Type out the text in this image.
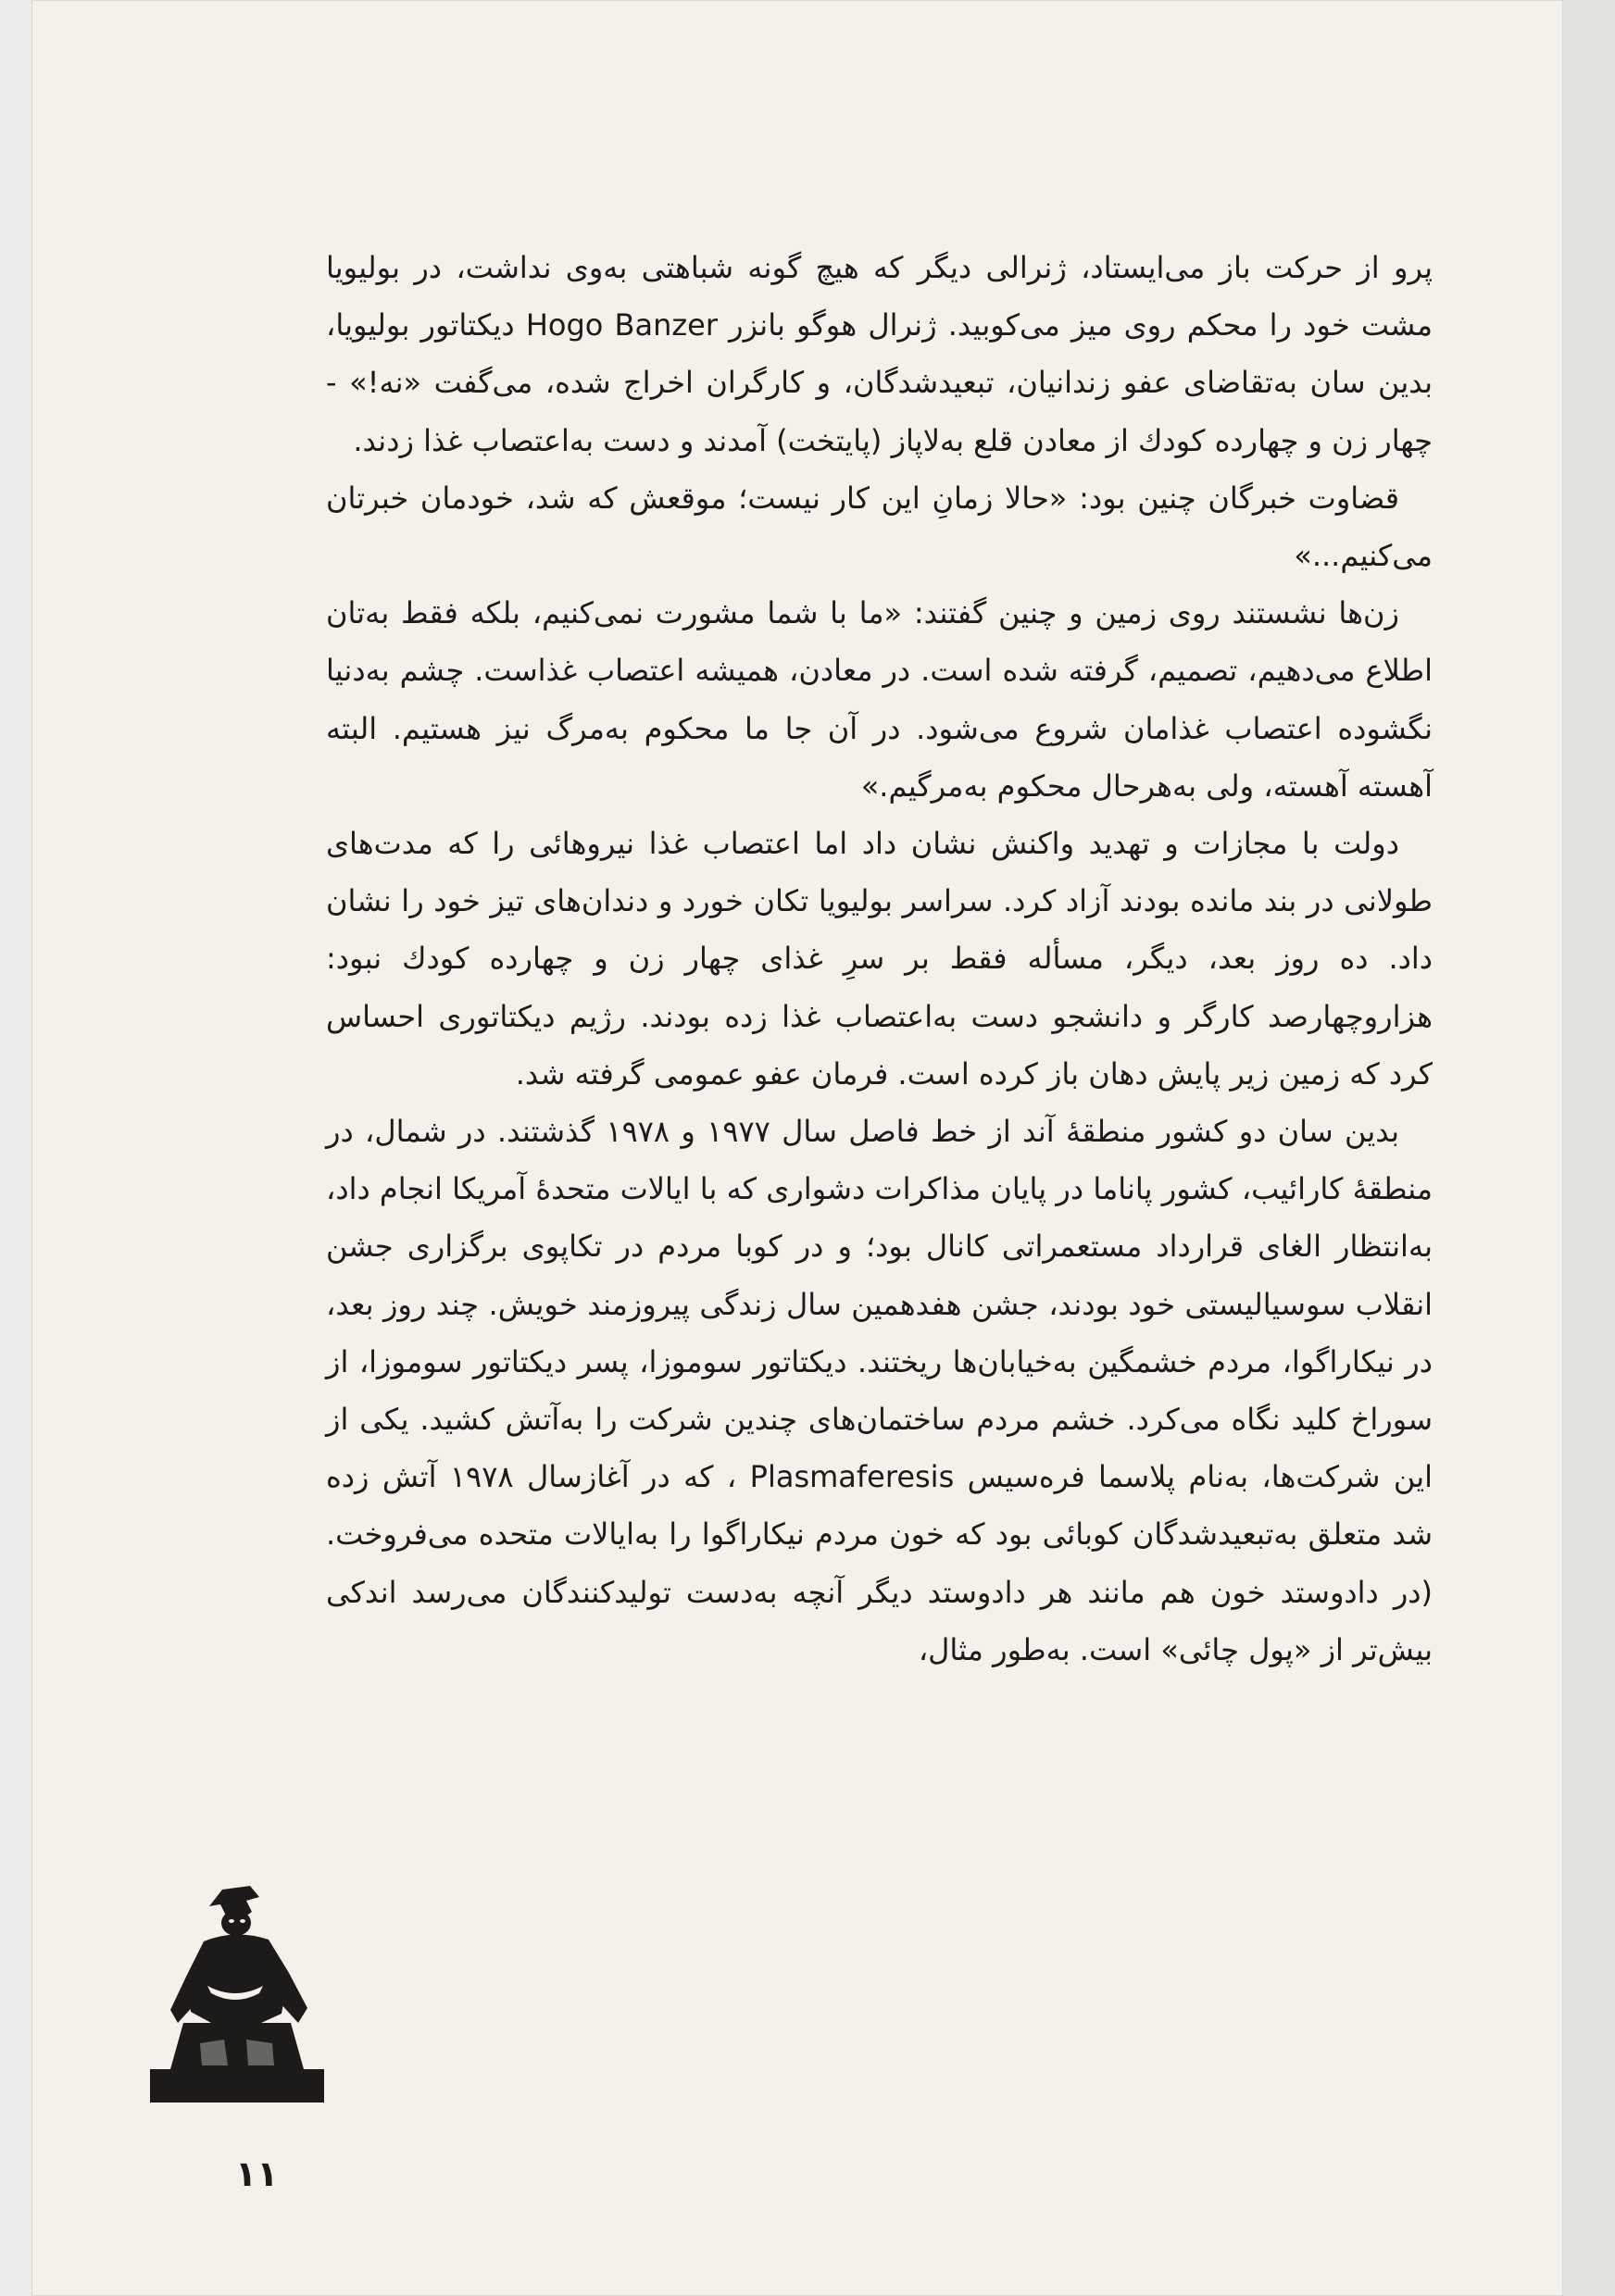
پرو از حرکت باز می‌ایستاد، ژنرالی دیگر که هیچ گونه شباهتی به‌وی نداشت، در بولیویا مشت خود را محکم روی میز می‌کوبید. ژنرال هوگو بانزر Hogo Banzer دیکتاتور بولیویا، بدین سان به‌تقاضای عفو زندانیان، تبعیدشدگان، و کارگران اخراج شده، می‌گفت «نه!» - چهار زن و چهارده کودك از معادن قلع به‌لاپاز (پایتخت) آمدند و دست به‌اعتصاب غذا زدند.

قضاوت خبرگان چنین بود: «حالا زمانِ این کار نیست؛ موقعش که شد، خودمان خبرتان می‌کنیم...»

زن‌ها نشستند روی زمین و چنین گفتند: «ما با شما مشورت نمی‌کنیم، بلکه فقط به‌تان اطلاع می‌دهیم، تصمیم، گرفته شده است. در معادن، همیشه اعتصاب غذاست. چشم به‌دنیا نگشوده اعتصاب غذامان شروع می‌شود. در آن جا ما محکوم به‌مرگ نیز هستیم. البته آهسته آهسته، ولی به‌هرحال محکوم به‌مرگیم.»

دولت با مجازات و تهدید واکنش نشان داد اما اعتصاب غذا نیروهائی را که مدت‌های طولانی در بند مانده بودند آزاد کرد. سراسر بولیویا تکان خورد و دندان‌های تیز خود را نشان داد. ده روز بعد، دیگر، مسأله فقط بر سرِ غذای چهار زن و چهارده کودك نبود: هزاروچهارصد کارگر و دانشجو دست به‌اعتصاب غذا زده بودند. رژیم دیکتاتوری احساس کرد که زمین زیر پایش دهان باز کرده است. فرمان عفو عمومی گرفته شد.

بدین سان دو کشور منطقهٔ آند از خط فاصل سال ۱۹۷۷ و ۱۹۷۸ گذشتند. در شمال، در منطقهٔ کارائیب، کشور پاناما در پایان مذاکرات دشواری که با ایالات متحدهٔ آمریکا انجام داد، به‌انتظار الغای قرارداد مستعمراتی کانال بود؛ و در کوبا مردم در تکاپوی برگزاری جشن انقلاب سوسیالیستی خود بودند، جشن هفدهمین سال زندگی پیروزمند خویش. چند روز بعد، در نیکاراگوا، مردم خشمگین به‌خیابان‌ها ریختند. دیکتاتور سوموزا، پسر دیکتاتور سوموزا، از سوراخ کلید نگاه می‌کرد. خشم مردم ساختمان‌های چندین شرکت را به‌آتش کشید. یکی از این شرکت‌ها، به‌نام پلاسما فره‌سیس Plasmaferesis ، که در آغازسال ۱۹۷۸ آتش زده شد متعلق به‌تبعیدشدگان کوبائی بود که خون مردم نیکاراگوا را به‌ایالات متحده می‌فروخت. (در دادوستد خون هم مانند هر دادوستد دیگر آنچه به‌دست تولیدکنندگان می‌رسد اندکی بیش‌تر از «پول چائی» است. به‌طور مثال،

۱۱
